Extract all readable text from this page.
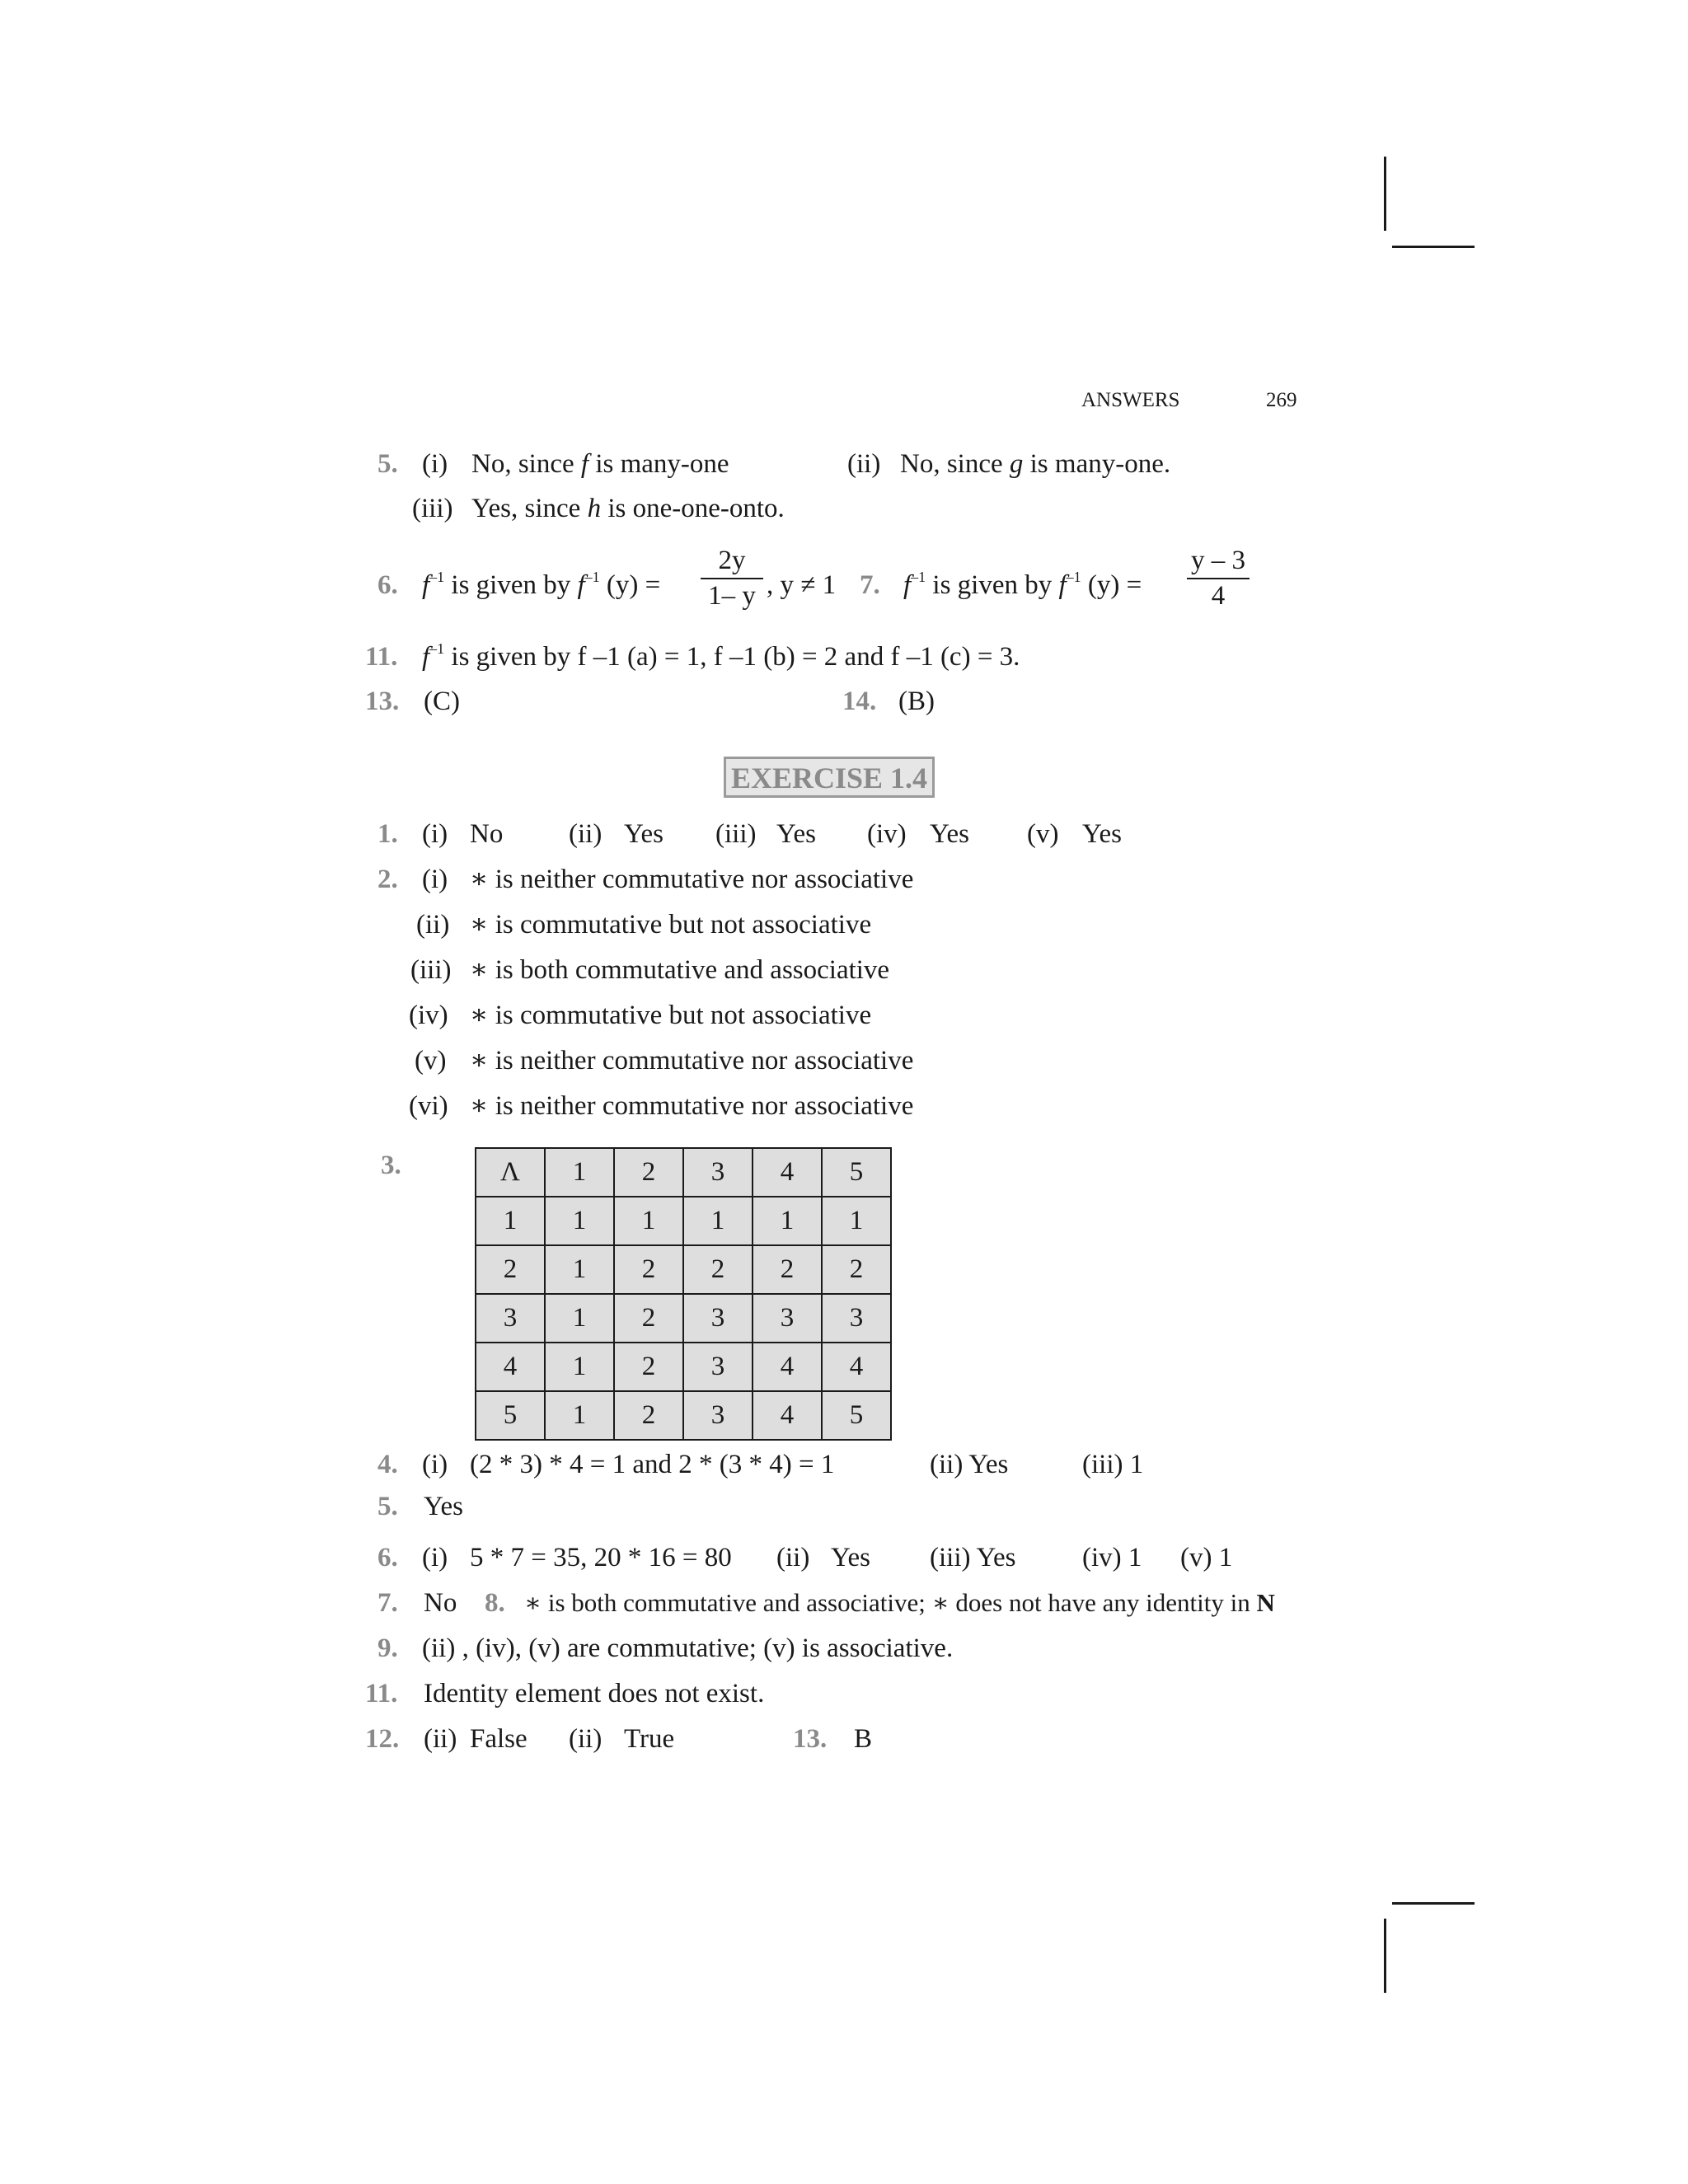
ANSWERS	269
5. (i) No, since f is many-one	(ii) No, since g is many-one.
(iii) Yes, since h is one-one-onto.
6. $f^{-1}$ is given by $f^{-1}$ (y) =
2y
1– y , y ≠ 1 7. $f^{-1}$ is given by $f^{-1}$ (y) =
y – 3
4
11. $f^{-1}$ is given by f –1 (a) = 1, f –1 (b) = 2 and f –1 (c) = 3.
13. (C)	14. (B)
EXERCISE 1.4
1. (i) No (ii) Yes (iii) Yes (iv) Yes (v) Yes
2. (i) ∗ is neither commutative nor associative
(ii) ∗ is commutative but not associative
(iii) ∗ is both commutative and associative
(iv) ∗ is commutative but not associative
(v) ∗ is neither commutative nor associative
(vi) ∗ is neither commutative nor associative
3.	Λ	1	2	3	4	5
1	1	1	1	1	1
2	1	2	2	2	2
3	1	2	3	3	3
4	1	2	3	4	4
5	1	2	3	4	5
4. (i) (2 * 3) * 4 = 1 and 2 * (3 * 4) = 1	(ii) Yes	(iii) 1
5. Yes
6. (i) 5 * 7 = 35, 20 * 16 = 80 (ii) Yes (iii) Yes (iv) 1 (v) 1
7. No 8. ∗ is both commutative and associative; ∗ does not have any identity in N
9. (ii) , (iv), (v) are commutative; (v) is associative.
11. Identity element does not exist.
12. (ii) False (ii) True	13. B
